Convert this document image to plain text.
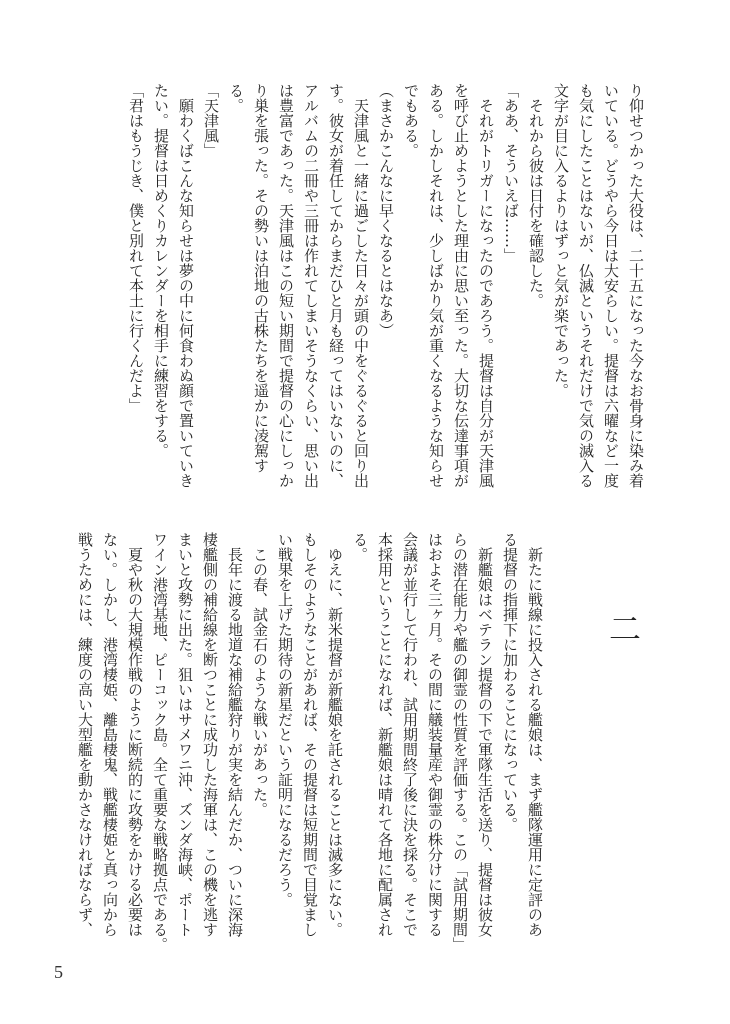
り仰せつかった大役は、二十五になった今なお骨身に染み着
いている。どうやら今日は大安らしい。提督は六曜など一度
も気にしたことはないが、仏滅というそれだけで気の滅入る
文字が目に入るよりはずっと気が楽であった。
　それから彼は日付を確認した。
「ああ、そういえば……」
　それがトリガーになったのであろう。提督は自分が天津風
を呼び止めようとした理由に思い至った。大切な伝達事項が
ある。しかしそれは、少しばかり気が重くなるような知らせ
でもある。
（まさかこんなに早くなるとはなあ）
　天津風と一緒に過ごした日々が頭の中をぐるぐると回り出
す。彼女が着任してからまだひと月も経ってはいないのに、
アルバムの二冊や三冊は作れてしまいそうなくらい、思い出
は豊富であった。天津風はこの短い期間で提督の心にしっか
り巣を張った。その勢いは泊地の古株たちを遥かに凌駕す
る。
「天津風」
　願わくばこんな知らせは夢の中に何食わぬ顔で置いていき
たい。提督は日めくりカレンダーを相手に練習をする。
「君はもうじき、僕と別れて本土に行くんだよ」
二
　新たに戦線に投入される艦娘は、まず艦隊運用に定評のあ
る提督の指揮下に加わることになっている。
　新艦娘はベテラン提督の下で軍隊生活を送り、提督は彼女
らの潜在能力や艦の御霊の性質を評価する。この「試用期間」
はおよそ三ヶ月。その間に艤装量産や御霊の株分けに関する
会議が並行して行われ、試用期間終了後に決を採る。そこで
本採用ということになれば、新艦娘は晴れて各地に配属され
る。
　ゆえに、新米提督が新艦娘を託されることは滅多にない。
もしそのようなことがあれば、その提督は短期間で目覚まし
い戦果を上げた期待の新星だという証明になるだろう。
　この春、試金石のような戦いがあった。
　長年に渡る地道な補給艦狩りが実を結んだか、ついに深海
棲艦側の補給線を断つことに成功した海軍は、この機を逃す
まいと攻勢に出た。狙いはサメワニ沖、ズンダ海峡、ポート
ワイン港湾基地、ピーコック島。全て重要な戦略拠点である。
　夏や秋の大規模作戦のように断続的に攻勢をかける必要は
ない。しかし、港湾棲姫、離島棲鬼、戦艦棲姫と真っ向から
戦うためには、練度の高い大型艦を動かさなければならず、
5
